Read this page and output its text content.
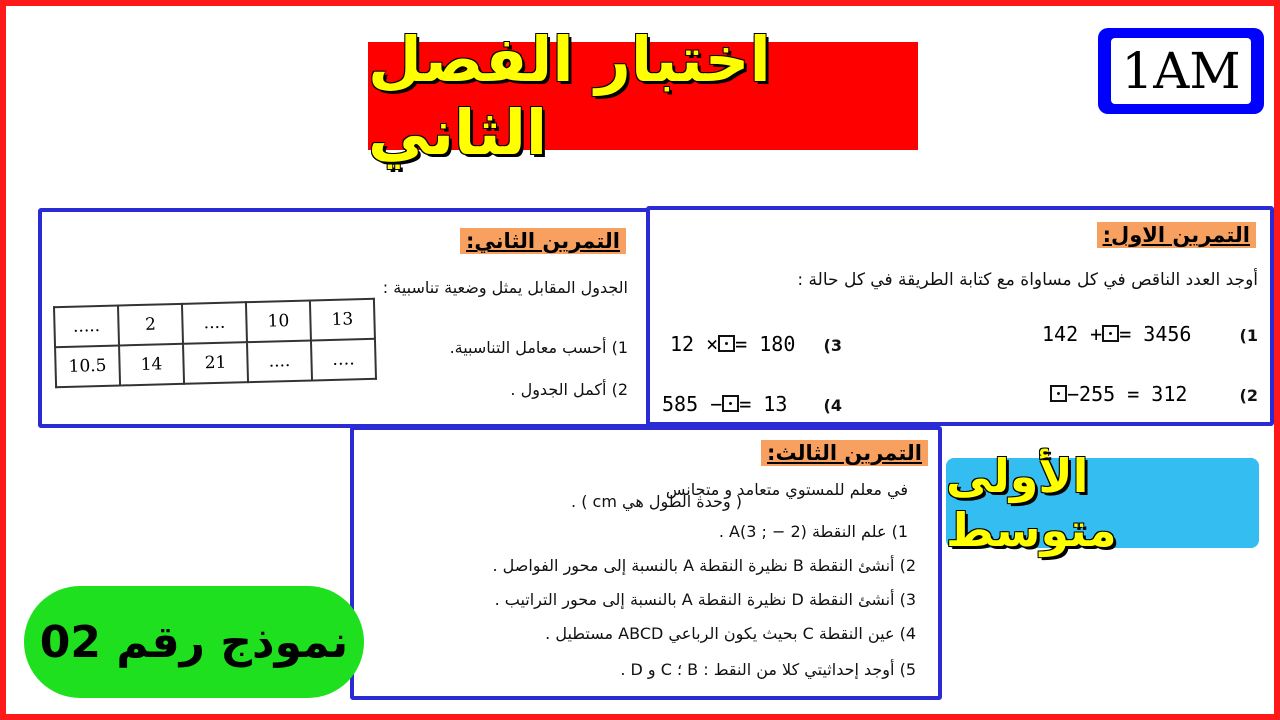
اختبار الفصل الثاني
1AM
التمرين الاول:
أوجد العدد الناقص في كل مساواة مع كتابة الطريقة في كل حالة :
1)
142 + = 3456
2)
−255 = 312
3)
12 × = 180
4)
585 − = 13
التمرين الثاني:
الجدول المقابل يمثل وضعية تناسبية :
1) أحسب معامل التناسبية.
2) أكمل الجدول .
.....	2	....	10	13
10.5	14	21	....	….
التمرين الثالث:
في معلم للمستوي متعامد و متجانس
( وحدة الطول هي cm ) .
1) علم النقطة A(3 ; − 2) .
2) أنشئ النقطة B نظيرة النقطة A بالنسبة إلى محور الفواصل .
3) أنشئ النقطة D نظيرة النقطة A بالنسبة إلى محور التراتيب .
4) عين النقطة C بحيث يكون الرباعي ABCD مستطيل .
5) أوجد إحداثيتي كلا من النقط : B ؛ C و D .
الأولى متوسط
نموذج رقم 02
